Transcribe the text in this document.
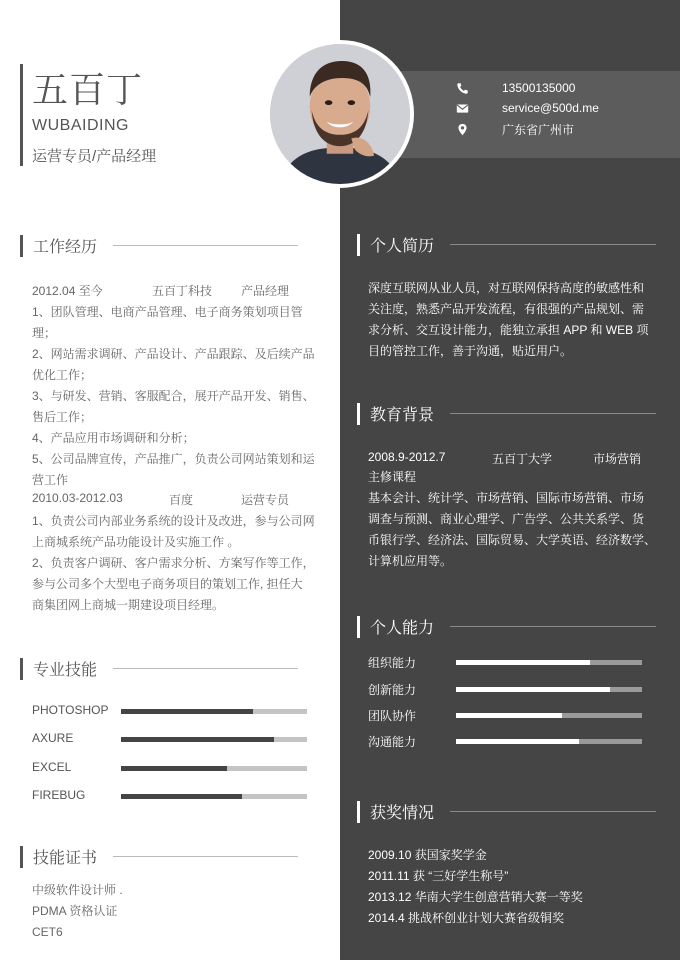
五百丁
WUBAIDING
运营专员/产品经理
工作经历
2012.04 至今	五百丁科技 产品经理
1、团队管理、电商产品管理、电子商务策划项目管理；
2、网站需求调研、产品设计、产品跟踪、及后续产品
优化工作；
3、与研发、营销、客服配合，展开产品开发、销售、
售后工作；
4、产品应用市场调研和分析；
5、公司品牌宣传，产品推广，负责公司网站策划和运
营工作
2010.03-2012.03	百度	运营专员
1、负责公司内部业务系统的设计及改进，参与公司网
上商城系统产品功能设计及实施工作 。
2、负责客户调研、客户需求分析、方案写作等工作，
参与公司多个大型电子商务项目的策划工作, 担任大
商集团网上商城一期建设项目经理。
专业技能
PHOTOSHOP
AXURE
EXCEL
FIREBUG
技能证书
中级软件设计师 .
PDMA 资格认证
CET6
个人简历
深度互联网从业人员，对互联网保持高度的敏感性和
关注度，熟悉产品开发流程，有很强的产品规划、需
求分析、交互设计能力，能独立承担 APP 和 WEB 项
目的管控工作，善于沟通，贴近用户。
教育背景
2008.9-2012.7	五百丁大学	市场营销
主修课程
基本会计、统计学、市场营销、国际市场营销、市场
调查与预测、商业心理学、广告学、公共关系学、货
币银行学、经济法、国际贸易、大学英语、经济数学、
计算机应用等。
个人能力
组织能力
创新能力
团队协作
沟通能力
获奖情况
2009.10 获国家奖学金
2011.11 获 “三好学生称号”
2013.12 华南大学生创意营销大赛一等奖
2014.4 挑战杯创业计划大赛省级铜奖
13500135000
service@500d.me
广东省广州市
